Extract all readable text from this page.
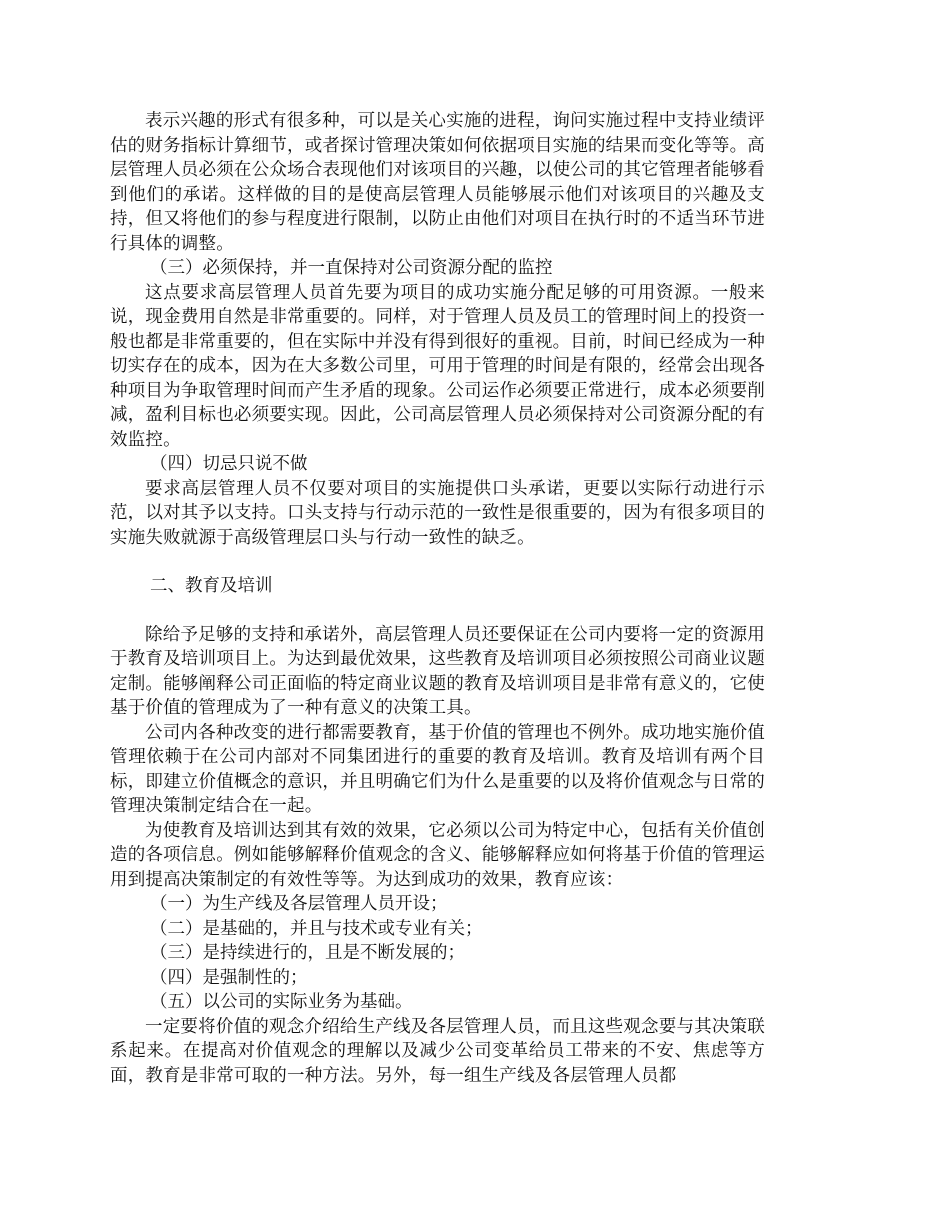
表示兴趣的形式有很多种，可以是关心实施的进程，询问实施过程中支持业绩评估的财务指标计算细节，或者探讨管理决策如何依据项目实施的结果而变化等等。高层管理人员必须在公众场合表现他们对该项目的兴趣，以使公司的其它管理者能够看到他们的承诺。这样做的目的是使高层管理人员能够展示他们对该项目的兴趣及支持，但又将他们的参与程度进行限制，以防止由他们对项目在执行时的不适当环节进行具体的调整。

（三）必须保持，并一直保持对公司资源分配的监控

这点要求高层管理人员首先要为项目的成功实施分配足够的可用资源。一般来说，现金费用自然是非常重要的。同样，对于管理人员及员工的管理时间上的投资一般也都是非常重要的，但在实际中并没有得到很好的重视。目前，时间已经成为一种切实存在的成本，因为在大多数公司里，可用于管理的时间是有限的，经常会出现各种项目为争取管理时间而产生矛盾的现象。公司运作必须要正常进行，成本必须要削减，盈利目标也必须要实现。因此，公司高层管理人员必须保持对公司资源分配的有效监控。

（四）切忌只说不做

要求高层管理人员不仅要对项目的实施提供口头承诺，更要以实际行动进行示范，以对其予以支持。口头支持与行动示范的一致性是很重要的，因为有很多项目的实施失败就源于高级管理层口头与行动一致性的缺乏。

二、教育及培训

除给予足够的支持和承诺外，高层管理人员还要保证在公司内要将一定的资源用于教育及培训项目上。为达到最优效果，这些教育及培训项目必须按照公司商业议题定制。能够阐释公司正面临的特定商业议题的教育及培训项目是非常有意义的，它使基于价值的管理成为了一种有意义的决策工具。

公司内各种改变的进行都需要教育，基于价值的管理也不例外。成功地实施价值管理依赖于在公司内部对不同集团进行的重要的教育及培训。教育及培训有两个目标，即建立价值概念的意识，并且明确它们为什么是重要的以及将价值观念与日常的管理决策制定结合在一起。

为使教育及培训达到其有效的效果，它必须以公司为特定中心，包括有关价值创造的各项信息。例如能够解释价值观念的含义、能够解释应如何将基于价值的管理运用到提高决策制定的有效性等等。为达到成功的效果，教育应该：

（一）为生产线及各层管理人员开设；

（二）是基础的，并且与技术或专业有关；

（三）是持续进行的，且是不断发展的；

（四）是强制性的；

（五）以公司的实际业务为基础。

一定要将价值的观念介绍给生产线及各层管理人员，而且这些观念要与其决策联系起来。在提高对价值观念的理解以及减少公司变革给员工带来的不安、焦虑等方面，教育是非常可取的一种方法。另外，每一组生产线及各层管理人员都
